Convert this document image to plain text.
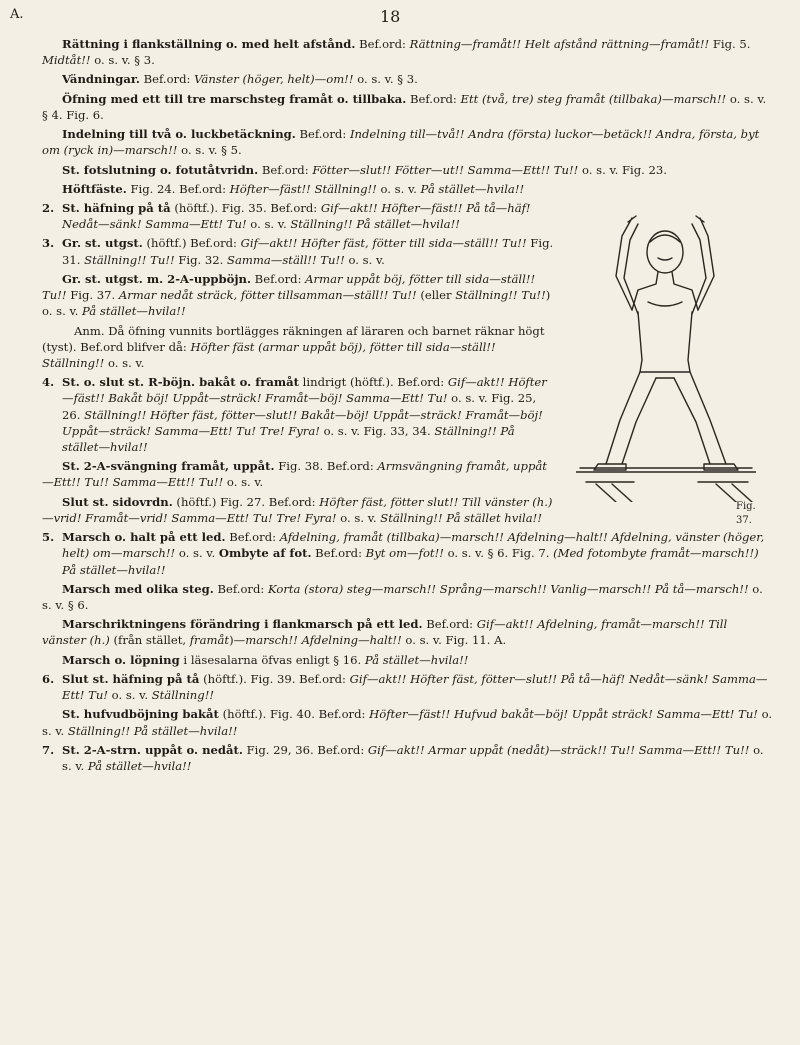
A.	18

Rättning i flankställning o. med helt afstånd. Bef.ord: Rättning—framåt!! Helt afstånd rättning—framåt!! Fig. 5. Midtåt!! o. s. v. § 3.

Vändningar. Bef.ord: Vänster (höger, helt)—om!! o. s. v. § 3.

Öfning med ett till tre marschsteg framåt o. tillbaka. Bef.ord: Ett (två, tre) steg framåt (tillbaka)—marsch!! o. s. v. § 4. Fig. 6.

Indelning till två o. luckbetäckning. Bef.ord: Indelning till—två!! Andra (första) luckor—betäck!! Andra, första, byt om (ryck in)—marsch!! o. s. v. § 5.

St. fotslutning o. fotutåtvridn. Bef.ord: Fötter—slut!! Fötter—ut!! Samma—Ett!! Tu!! o. s. v. Fig. 23.

Höftfäste. Fig. 24. Bef.ord: Höfter—fäst!! Ställning!! o. s. v. På stället—hvila!!

Fig. 37.

2. St. häfning på tå (höftf.). Fig. 35. Bef.ord: Gif—akt!! Höfter—fäst!! På tå—häf! Nedåt—sänk! Samma—Ett! Tu! o. s. v. Ställning!! På stället—hvila!!

3. Gr. st. utgst. (höftf.) Bef.ord: Gif—akt!! Höfter fäst, fötter till sida—ställ!! Tu!! Fig. 31. Ställning!! Tu!! Fig. 32. Samma—ställ!! Tu!! o. s. v.

Gr. st. utgst. m. 2-A-uppböjn. Bef.ord: Armar uppåt böj, fötter till sida—ställ!! Tu!! Fig. 37. Armar nedåt sträck, fötter tillsamman—ställ!! Tu!! (eller Ställning!! Tu!!) o. s. v. På stället—hvila!!

Anm. Då öfning vunnits bortlägges räkningen af läraren och barnet räknar högt (tyst). Bef.ord blifver då: Höfter fäst (armar uppåt böj), fötter till sida—ställ!! Ställning!! o. s. v.

4. St. o. slut st. R-böjn. bakåt o. framåt lindrigt (höftf.). Bef.ord: Gif—akt!! Höfter—fäst!! Bakåt böj! Uppåt—sträck! Framåt—böj! Samma—Ett! Tu! o. s. v. Fig. 25, 26. Ställning!! Höfter fäst, fötter—slut!! Bakåt—böj! Uppåt—sträck! Framåt—böj! Uppåt—sträck! Samma—Ett! Tu! Tre! Fyra! o. s. v. Fig. 33, 34. Ställning!! På stället—hvila!!

St. 2-A-svängning framåt, uppåt. Fig. 38. Bef.ord: Armsvängning framåt, uppåt—Ett!! Tu!! Samma—Ett!! Tu!! o. s. v.

Slut st. sidovrdn. (höftf.) Fig. 27. Bef.ord: Höfter fäst, fötter slut!! Till vänster (h.)—vrid! Framåt—vrid! Samma—Ett! Tu! Tre! Fyra! o. s. v. Ställning!! På stället hvila!!

5. Marsch o. halt på ett led. Bef.ord: Afdelning, framåt (tillbaka)—marsch!! Afdelning—halt!! Afdelning, vänster (höger, helt) om—marsch!! o. s. v. Ombyte af fot. Bef.ord: Byt om—fot!! o. s. v. § 6. Fig. 7. (Med fotombyte framåt—marsch!!) På stället—hvila!!

Marsch med olika steg. Bef.ord: Korta (stora) steg—marsch!! Språng—marsch!! Vanlig—marsch!! På tå—marsch!! o. s. v. § 6.

Marschriktningens förändring i flankmarsch på ett led. Bef.ord: Gif—akt!! Afdelning, framåt—marsch!! Till vänster (h.) (från stället, framåt)—marsch!! Afdelning—halt!! o. s. v. Fig. 11. A.

Marsch o. löpning i läsesalarna öfvas enligt § 16. På stället—hvila!!

6. Slut st. häfning på tå (höftf.). Fig. 39. Bef.ord: Gif—akt!! Höfter fäst, fötter—slut!! På tå—häf! Nedåt—sänk! Samma—Ett! Tu! o. s. v. Ställning!!

St. hufvudböjning bakåt (höftf.). Fig. 40. Bef.ord: Höfter—fäst!! Hufvud bakåt—böj! Uppåt sträck! Samma—Ett! Tu! o. s. v. Ställning!! På stället—hvila!!

7. St. 2-A-strn. uppåt o. nedåt. Fig. 29, 36. Bef.ord: Gif—akt!! Armar uppåt (nedåt)—sträck!! Tu!! Samma—Ett!! Tu!! o. s. v. På stället—hvila!!
